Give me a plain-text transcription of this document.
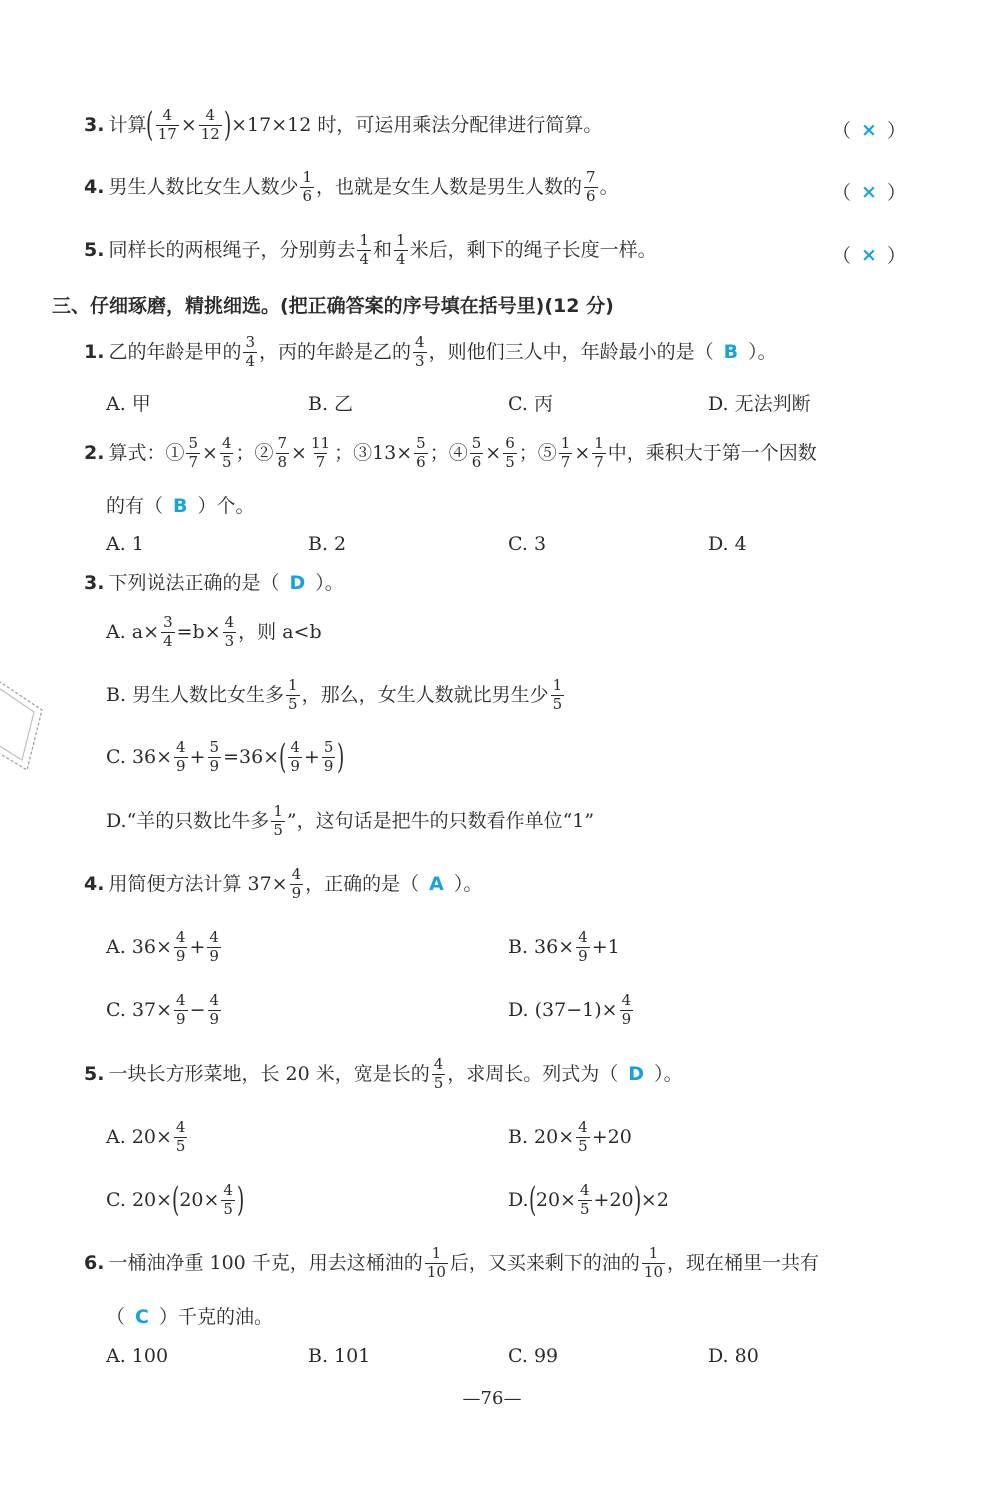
3. 计算 ( $\frac{4}{17} \times \frac{4}{12}$ ) ×17×12 时，可运用乘法分配律进行简算。	（ × ）
4. 男生人数比女生人数少 $\frac{1}{6}$ ，也就是女生人数是男生人数的 $\frac{7}{6}$ 。	（ × ）
5. 同样长的两根绳子，分别剪去 $\frac{1}{4}$ 和 $\frac{1}{4}$ 米后，剩下的绳子长度一样。	（ × ）
三、仔细琢磨，精挑细选。(把正确答案的序号填在括号里)(12 分)
1. 乙的年龄是甲的 $\frac{3}{4}$ ，丙的年龄是乙的 $\frac{4}{3}$ ，则他们三人中，年龄最小的是（ B ）。
A. 甲	B. 乙	C. 丙	D. 无法判断
2. 算式：① $\frac{5}{7} \times \frac{4}{5}$ ；② $\frac{7}{8} \times \frac{11}{7}$ ；③13× $\frac{5}{6}$ ；④ $\frac{5}{6} \times \frac{6}{5}$ ；⑤ $\frac{1}{7} \times \frac{1}{7}$ 中，乘积大于第一个因数
的有（ B ）个。
A. 1	B. 2	C. 3	D. 4
3. 下列说法正确的是（ D ）。
A. $a\times \frac{3}{4} =b\times \frac{4}{3}$ ，则 a<b
B. 男生人数比女生多 $\frac{1}{5}$ ，那么，女生人数就比男生少 $\frac{1}{5}$
C. $36\times \frac{4}{9} + \frac{5}{9} =36\times$ ( $\frac{4}{9} + \frac{5}{9}$ )
D.“羊的只数比牛多 $\frac{1}{5}$ ”，这句话是把牛的只数看作单位“1”
4. 用简便方法计算 $37\times \frac{4}{9}$ ，正确的是（ A ）。
A. $36\times \frac{4}{9} + \frac{4}{9}$	B. $36\times \frac{4}{9} +1$
C. $37\times \frac{4}{9} - \frac{4}{9}$	D. $(37-1)\times \frac{4}{9}$
5. 一块长方形菜地，长 20 米，宽是长的 $\frac{4}{5}$ ，求周长。列式为（ D ）。
A. $20\times \frac{4}{5}$	B. $20\times \frac{4}{5} +20$
C. 20× ( $20\times \frac{4}{5}$ )	D. ( $20\times \frac{4}{5} +20$ ) ×2
6. 一桶油净重 100 千克，用去这桶油的 $\frac{1}{10}$ 后，又买来剩下的油的 $\frac{1}{10}$ ，现在桶里一共有
（ C ）千克的油。
A. 100	B. 101	C. 99	D. 80
—76—
